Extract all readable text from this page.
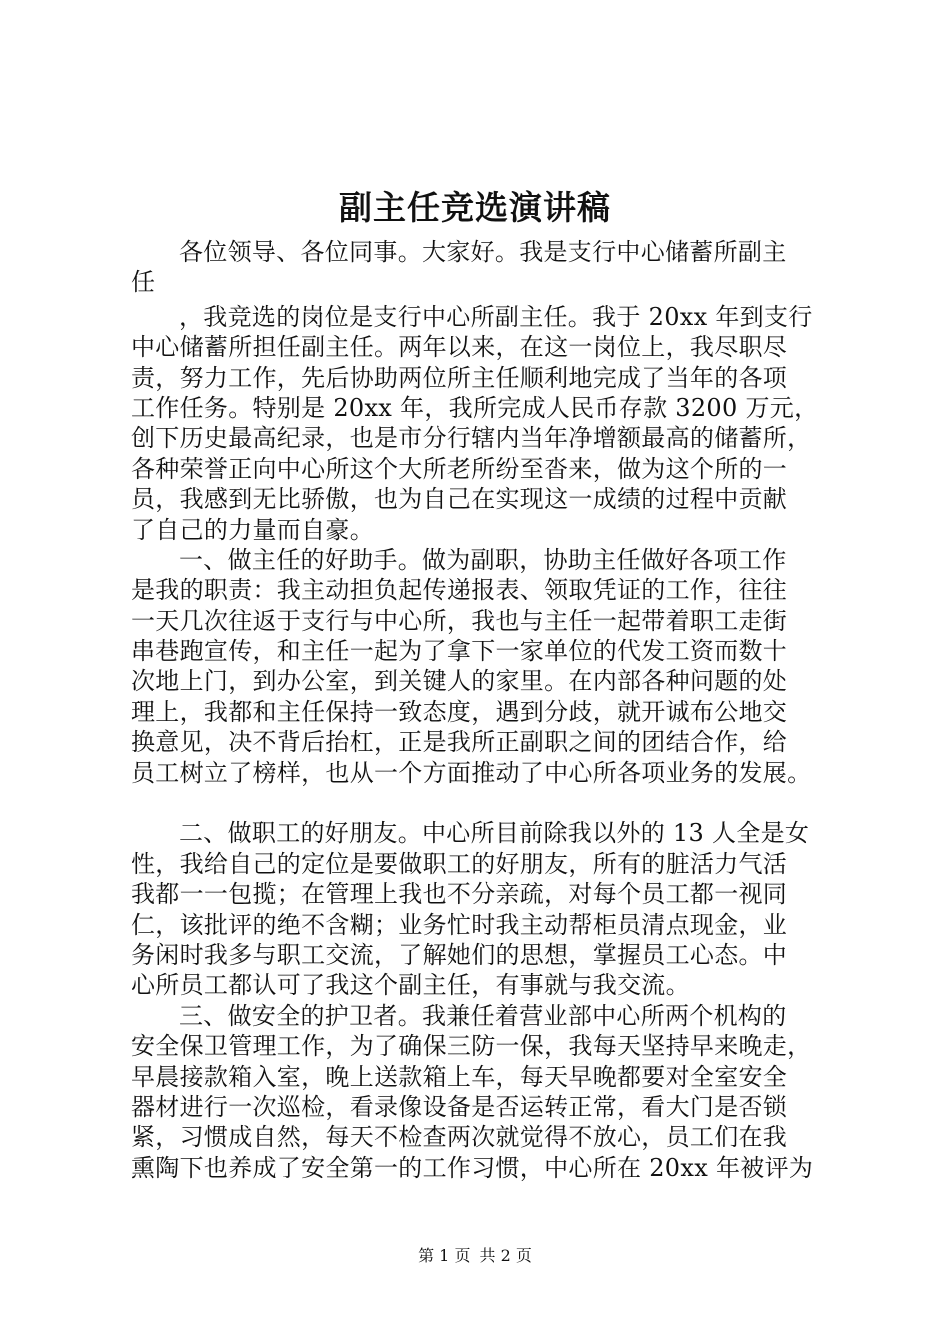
副主任竞选演讲稿
各位领导、各位同事。大家好。我是支行中心储蓄所副主
任
，我竞选的岗位是支行中心所副主任。我于 20xx 年到支行
中心储蓄所担任副主任。两年以来，在这一岗位上，我尽职尽
责，努力工作，先后协助两位所主任顺利地完成了当年的各项
工作任务。特别是 20xx 年，我所完成人民币存款 3200 万元，
创下历史最高纪录，也是市分行辖内当年净增额最高的储蓄所，
各种荣誉正向中心所这个大所老所纷至沓来，做为这个所的一
员，我感到无比骄傲，也为自己在实现这一成绩的过程中贡献
了自己的力量而自豪。
一、做主任的好助手。做为副职，协助主任做好各项工作
是我的职责：我主动担负起传递报表、领取凭证的工作，往往
一天几次往返于支行与中心所，我也与主任一起带着职工走街
串巷跑宣传，和主任一起为了拿下一家单位的代发工资而数十
次地上门，到办公室，到关键人的家里。在内部各种问题的处
理上，我都和主任保持一致态度，遇到分歧，就开诚布公地交
换意见，决不背后抬杠，正是我所正副职之间的团结合作，给
员工树立了榜样，也从一个方面推动了中心所各项业务的发展。
二、做职工的好朋友。中心所目前除我以外的 13 人全是女
性，我给自己的定位是要做职工的好朋友，所有的脏活力气活
我都一一包揽；在管理上我也不分亲疏，对每个员工都一视同
仁，该批评的绝不含糊；业务忙时我主动帮柜员清点现金，业
务闲时我多与职工交流，了解她们的思想，掌握员工心态。中
心所员工都认可了我这个副主任，有事就与我交流。
三、做安全的护卫者。我兼任着营业部中心所两个机构的
安全保卫管理工作，为了确保三防一保，我每天坚持早来晚走，
早晨接款箱入室，晚上送款箱上车，每天早晚都要对全室安全
器材进行一次巡检，看录像设备是否运转正常，看大门是否锁
紧，习惯成自然，每天不检查两次就觉得不放心，员工们在我
熏陶下也养成了安全第一的工作习惯，中心所在 20xx 年被评为
第 1 页 共 2 页
